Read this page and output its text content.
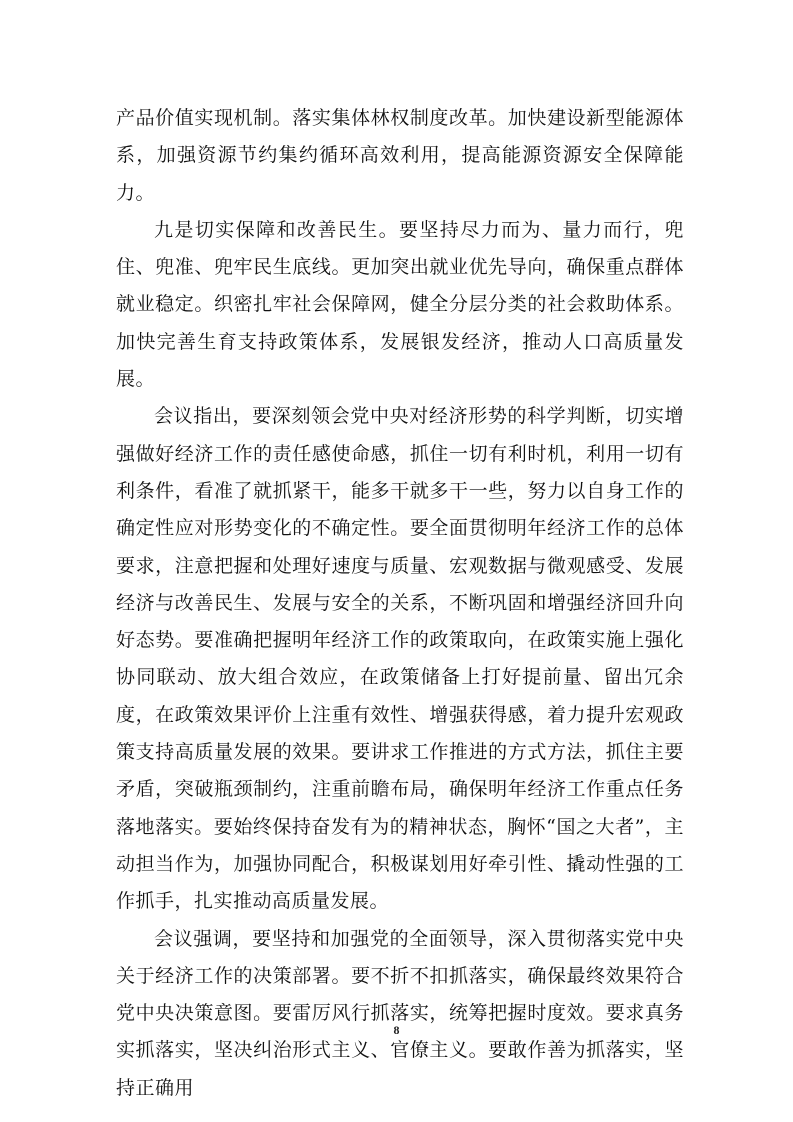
产品价值实现机制。落实集体林权制度改革。加快建设新型能源体系，加强资源节约集约循环高效利用，提高能源资源安全保障能力。

九是切实保障和改善民生。要坚持尽力而为、量力而行，兜住、兜准、兜牢民生底线。更加突出就业优先导向，确保重点群体就业稳定。织密扎牢社会保障网，健全分层分类的社会救助体系。加快完善生育支持政策体系，发展银发经济，推动人口高质量发展。

会议指出，要深刻领会党中央对经济形势的科学判断，切实增强做好经济工作的责任感使命感，抓住一切有利时机，利用一切有利条件，看准了就抓紧干，能多干就多干一些，努力以自身工作的确定性应对形势变化的不确定性。要全面贯彻明年经济工作的总体要求，注意把握和处理好速度与质量、宏观数据与微观感受、发展经济与改善民生、发展与安全的关系，不断巩固和增强经济回升向好态势。要准确把握明年经济工作的政策取向，在政策实施上强化协同联动、放大组合效应，在政策储备上打好提前量、留出冗余度，在政策效果评价上注重有效性、增强获得感，着力提升宏观政策支持高质量发展的效果。要讲求工作推进的方式方法，抓住主要矛盾，突破瓶颈制约，注重前瞻布局，确保明年经济工作重点任务落地落实。要始终保持奋发有为的精神状态，胸怀“国之大者”，主动担当作为，加强协同配合，积极谋划用好牵引性、撬动性强的工作抓手，扎实推动高质量发展。

会议强调，要坚持和加强党的全面领导，深入贯彻落实党中央关于经济工作的决策部署。要不折不扣抓落实，确保最终效果符合党中央决策意图。要雷厉风行抓落实，统筹把握时度效。要求真务实抓落实，坚决纠治形式主义、官僚主义。要敢作善为抓落实，坚持正确用

8
